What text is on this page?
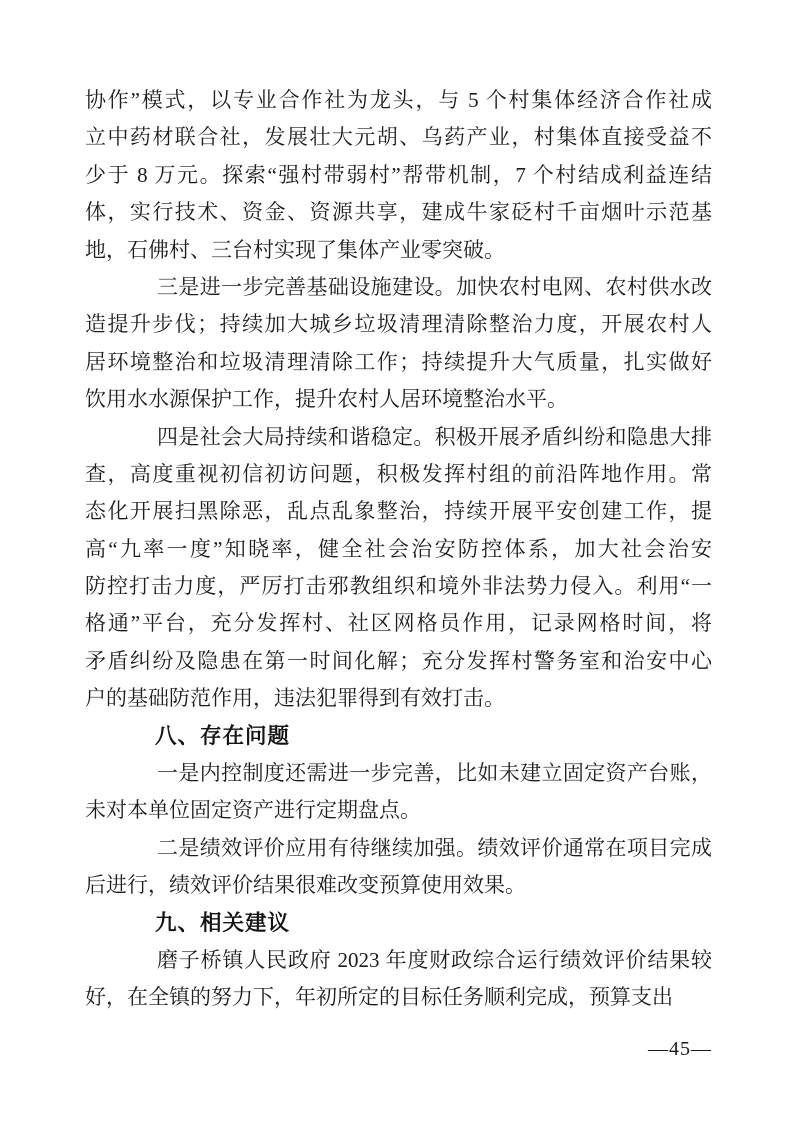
协作”模式，以专业合作社为龙头，与 5 个村集体经济合作社成
立中药材联合社，发展壮大元胡、乌药产业，村集体直接受益不
少于 8 万元。探索“强村带弱村”帮带机制，7 个村结成利益连结
体，实行技术、资金、资源共享，建成牛家砭村千亩烟叶示范基
地，石佛村、三台村实现了集体产业零突破。
三是进一步完善基础设施建设。加快农村电网、农村供水改
造提升步伐；持续加大城乡垃圾清理清除整治力度，开展农村人
居环境整治和垃圾清理清除工作；持续提升大气质量，扎实做好
饮用水水源保护工作，提升农村人居环境整治水平。
四是社会大局持续和谐稳定。积极开展矛盾纠纷和隐患大排
查，高度重视初信初访问题，积极发挥村组的前沿阵地作用。常
态化开展扫黑除恶，乱点乱象整治，持续开展平安创建工作，提
高“九率一度”知晓率，健全社会治安防控体系，加大社会治安
防控打击力度，严厉打击邪教组织和境外非法势力侵入。利用“一
格通”平台，充分发挥村、社区网格员作用，记录网格时间，将
矛盾纠纷及隐患在第一时间化解；充分发挥村警务室和治安中心
户的基础防范作用，违法犯罪得到有效打击。
八、存在问题
一是内控制度还需进一步完善，比如未建立固定资产台账，
未对本单位固定资产进行定期盘点。
二是绩效评价应用有待继续加强。绩效评价通常在项目完成
后进行，绩效评价结果很难改变预算使用效果。
九、相关建议
磨子桥镇人民政府 2023 年度财政综合运行绩效评价结果较
好，在全镇的努力下，年初所定的目标任务顺利完成，预算支出
—45—
